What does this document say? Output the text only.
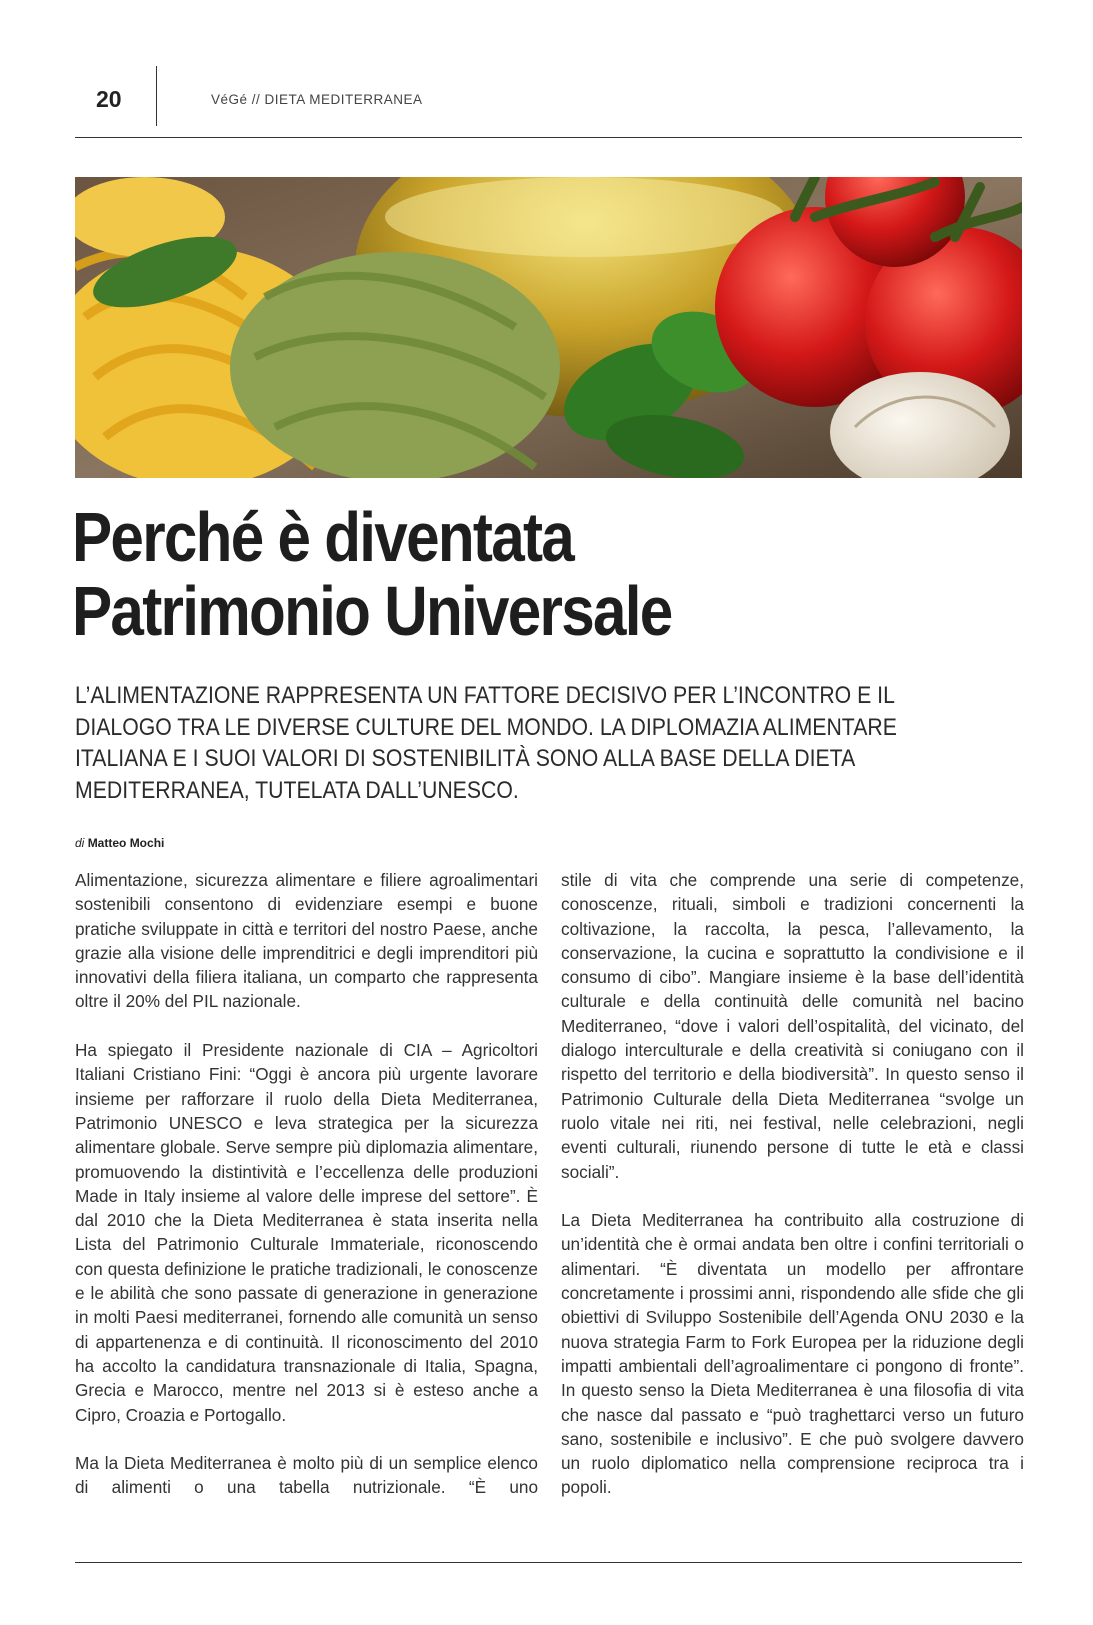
20	VéGé // DIETA MEDITERRANEA
Perché è diventata
Patrimonio Universale
L’ALIMENTAZIONE RAPPRESENTA UN FATTORE DECISIVO PER L’INCONTRO E IL DIALOGO TRA LE DIVERSE CULTURE DEL MONDO. LA DIPLOMAZIA ALIMENTARE ITALIANA E I SUOI VALORI DI SOSTENIBILITÀ SONO ALLA BASE DELLA DIETA MEDITERRANEA, TUTELATA DALL’UNESCO.
di Matteo Mochi

Alimentazione, sicurezza alimentare e filiere agroalimentari sostenibili consentono di evidenziare esempi e buone pratiche sviluppate in città e territori del nostro Paese, anche grazie alla visione delle imprenditrici e degli imprenditori più innovativi della filiera italiana, un comparto che rappresenta oltre il 20% del PIL nazionale.

Ha spiegato il Presidente nazionale di CIA – Agricoltori Italiani Cristiano Fini: “Oggi è ancora più urgente lavorare insieme per rafforzare il ruolo della Dieta Mediterranea, Patrimonio UNESCO e leva strategica per la sicurezza alimentare globale. Serve sempre più diplomazia alimentare, promuovendo la distintività e l’eccellenza delle produzioni Made in Italy insieme al valore delle imprese del settore”. È dal 2010 che la Dieta Mediterranea è stata inserita nella Lista del Patrimonio Culturale Immateriale, riconoscendo con questa definizione le pratiche tradizionali, le conoscenze e le abilità che sono passate di generazione in generazione in molti Paesi mediterranei, fornendo alle comunità un senso di appartenenza e di continuità. Il riconoscimento del 2010 ha accolto la candidatura transnazionale di Italia, Spagna, Grecia e Marocco, mentre nel 2013 si è esteso anche a Cipro, Croazia e Portogallo.

Ma la Dieta Mediterranea è molto più di un semplice elenco di alimenti o una tabella nutrizionale. “È uno

stile di vita che comprende una serie di competenze, conoscenze, rituali, simboli e tradizioni concernenti la coltivazione, la raccolta, la pesca, l’allevamento, la conservazione, la cucina e soprattutto la condivisione e il consumo di cibo”. Mangiare insieme è la base dell’identità culturale e della continuità delle comunità nel bacino Mediterraneo, “dove i valori dell’ospitalità, del vicinato, del dialogo interculturale e della creatività si coniugano con il rispetto del territorio e della biodiversità”. In questo senso il Patrimonio Culturale della Dieta Mediterranea “svolge un ruolo vitale nei riti, nei festival, nelle celebrazioni, negli eventi culturali, riunendo persone di tutte le età e classi sociali”.

La Dieta Mediterranea ha contribuito alla costruzione di un’identità che è ormai andata ben oltre i confini territoriali o alimentari. “È diventata un modello per affrontare concretamente i prossimi anni, rispondendo alle sfide che gli obiettivi di Sviluppo Sostenibile dell’Agenda ONU 2030 e la nuova strategia Farm to Fork Europea per la riduzione degli impatti ambientali dell’agroalimentare ci pongono di fronte”. In questo senso la Dieta Mediterranea è una filosofia di vita che nasce dal passato e “può traghettarci verso un futuro sano, sostenibile e inclusivo”. E che può svolgere davvero un ruolo diplomatico nella comprensione reciproca tra i popoli.
